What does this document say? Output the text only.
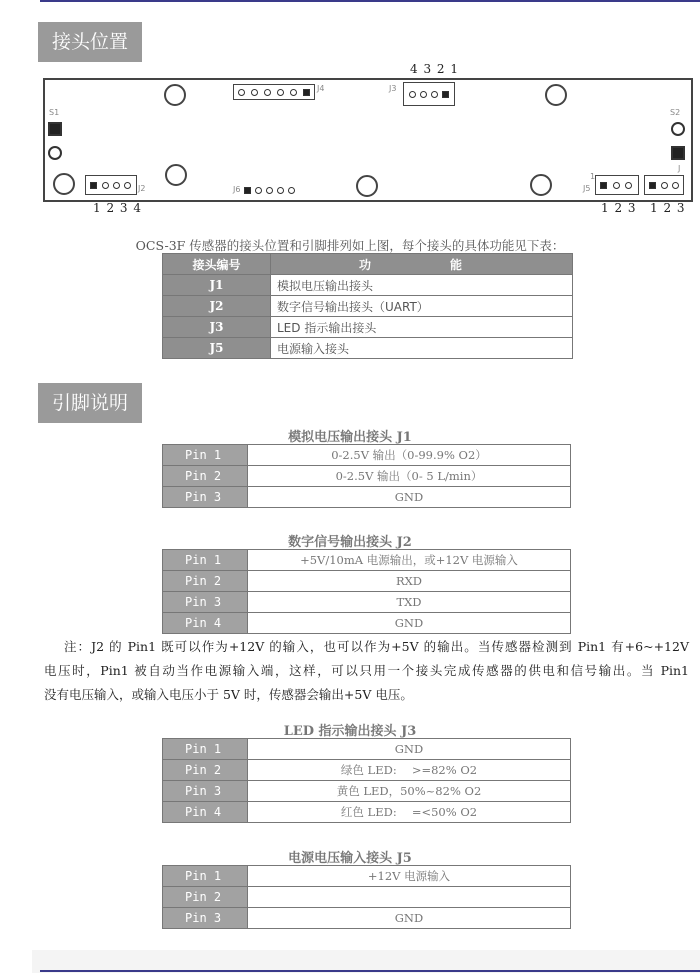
接头位置
4 3 2 1
J4	J3
S1	S2
J2	J6	J5
1
J
1 2 3 4	1 2 3 1 2 3
OCS-3F 传感器的接头位置和引脚排列如上图，每个接头的具体功能见下表：
接头编号	功 能

J1	模拟电压输出接头
J2	数字信号输出接头（UART）
J3	LED 指示输出接头
J5	电源输入接头
引脚说明
模拟电压输出接头 J1
Pin 1	0-2.5V 输出（0-99.9% O2）
Pin 2	0-2.5V 输出（0- 5 L/min）
Pin 3	GND
数字信号输出接头 J2
Pin 1	+5V/10mA 电源输出，或+12V 电源输入
Pin 2	RXD
Pin 3	TXD
Pin 4	GND
注：J2 的 Pin1 既可以作为+12V 的输入，也可以作为+5V 的输出。当传感器检测到 Pin1 有+6~+12V
电压时，Pin1 被自动当作电源输入端，这样，可以只用一个接头完成传感器的供电和信号输出。当 Pin1
没有电压输入，或输入电压小于 5V 时，传感器会输出+5V 电压。
LED 指示输出接头 J3
Pin 1	GND
Pin 2	绿色 LED:　 >=82% O2
Pin 3	黄色 LED，50%~82% O2
Pin 4	红色 LED:　 =<50% O2
电源电压输入接头 J5
Pin 1	+12V 电源输入
Pin 2	
Pin 3	GND
